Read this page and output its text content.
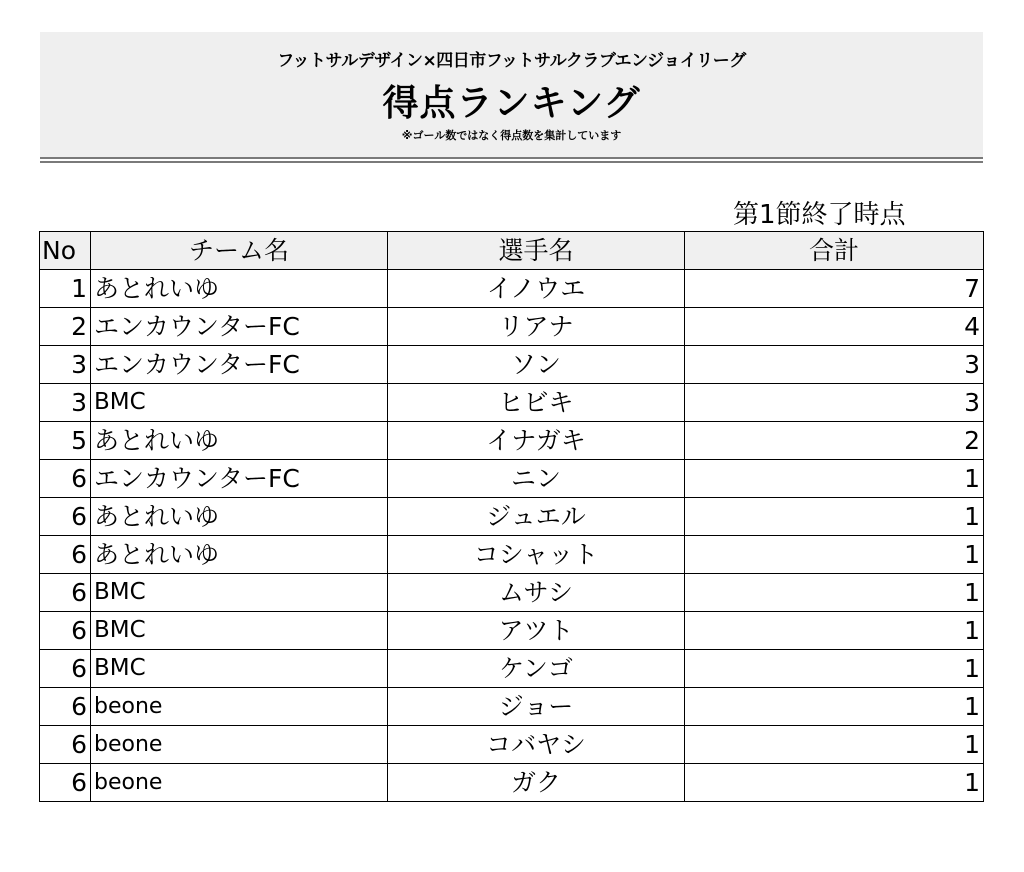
フットサルデザイン×四日市フットサルクラブエンジョイリーグ
得点ランキング
※ゴール数ではなく得点数を集計しています
第1節終了時点
No	チーム名	選手名	合計
1	あとれいゆ	イノウエ	7
2	エンカウンターFC	リアナ	4
3	エンカウンターFC	ソン	3
3	BMC	ヒビキ	3
5	あとれいゆ	イナガキ	2
6	エンカウンターFC	ニン	1
6	あとれいゆ	ジュエル	1
6	あとれいゆ	コシャット	1
6	BMC	ムサシ	1
6	BMC	アツト	1
6	BMC	ケンゴ	1
6	beone	ジョー	1
6	beone	コバヤシ	1
6	beone	ガク	1
